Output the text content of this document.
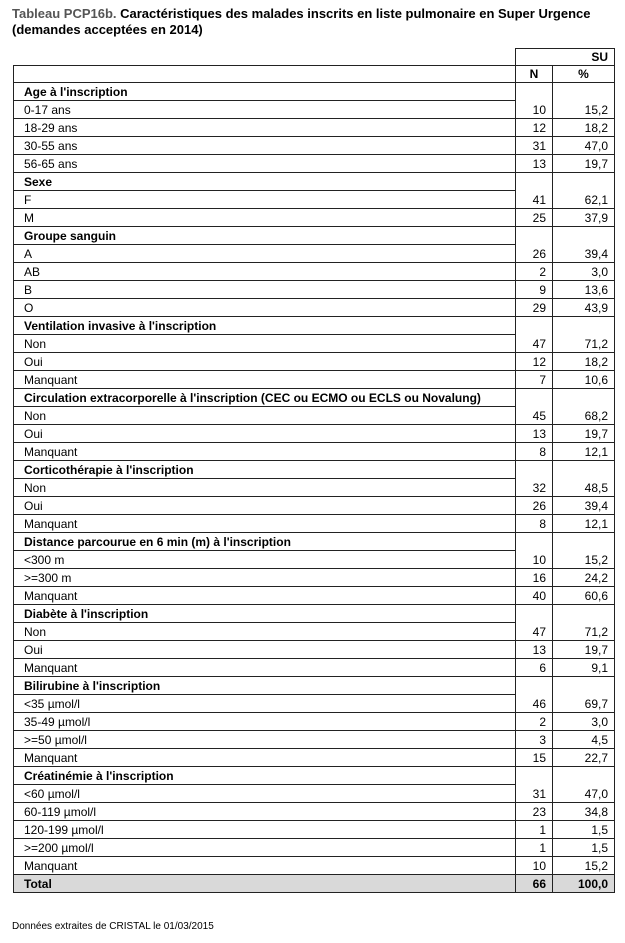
Tableau PCP16b. Caractéristiques des malades inscrits en liste pulmonaire en Super Urgence (demandes acceptées en 2014)
	SU	
	N	%
Age à l'inscription		
0-17 ans	10	15,2
18-29 ans	12	18,2
30-55 ans	31	47,0
56-65 ans	13	19,7
Sexe		
F	41	62,1
M	25	37,9
Groupe sanguin		
A	26	39,4
AB	2	3,0
B	9	13,6
O	29	43,9
Ventilation invasive à l'inscription		
Non	47	71,2
Oui	12	18,2
Manquant	7	10,6
Circulation extracorporelle à l'inscription (CEC ou ECMO ou ECLS ou Novalung)		
Non	45	68,2
Oui	13	19,7
Manquant	8	12,1
Corticothérapie à l'inscription		
Non	32	48,5
Oui	26	39,4
Manquant	8	12,1
Distance parcourue en 6 min (m) à l'inscription		
<300 m	10	15,2
>=300 m	16	24,2
Manquant	40	60,6
Diabète à l'inscription		
Non	47	71,2
Oui	13	19,7
Manquant	6	9,1
Bilirubine à l'inscription		
<35 µmol/l	46	69,7
35-49 µmol/l	2	3,0
>=50 µmol/l	3	4,5
Manquant	15	22,7
Créatinémie à l'inscription		
<60 µmol/l	31	47,0
60-119 µmol/l	23	34,8
120-199 µmol/l	1	1,5
>=200 µmol/l	1	1,5
Manquant	10	15,2
Total	66	100,0
Données extraites de CRISTAL le 01/03/2015
